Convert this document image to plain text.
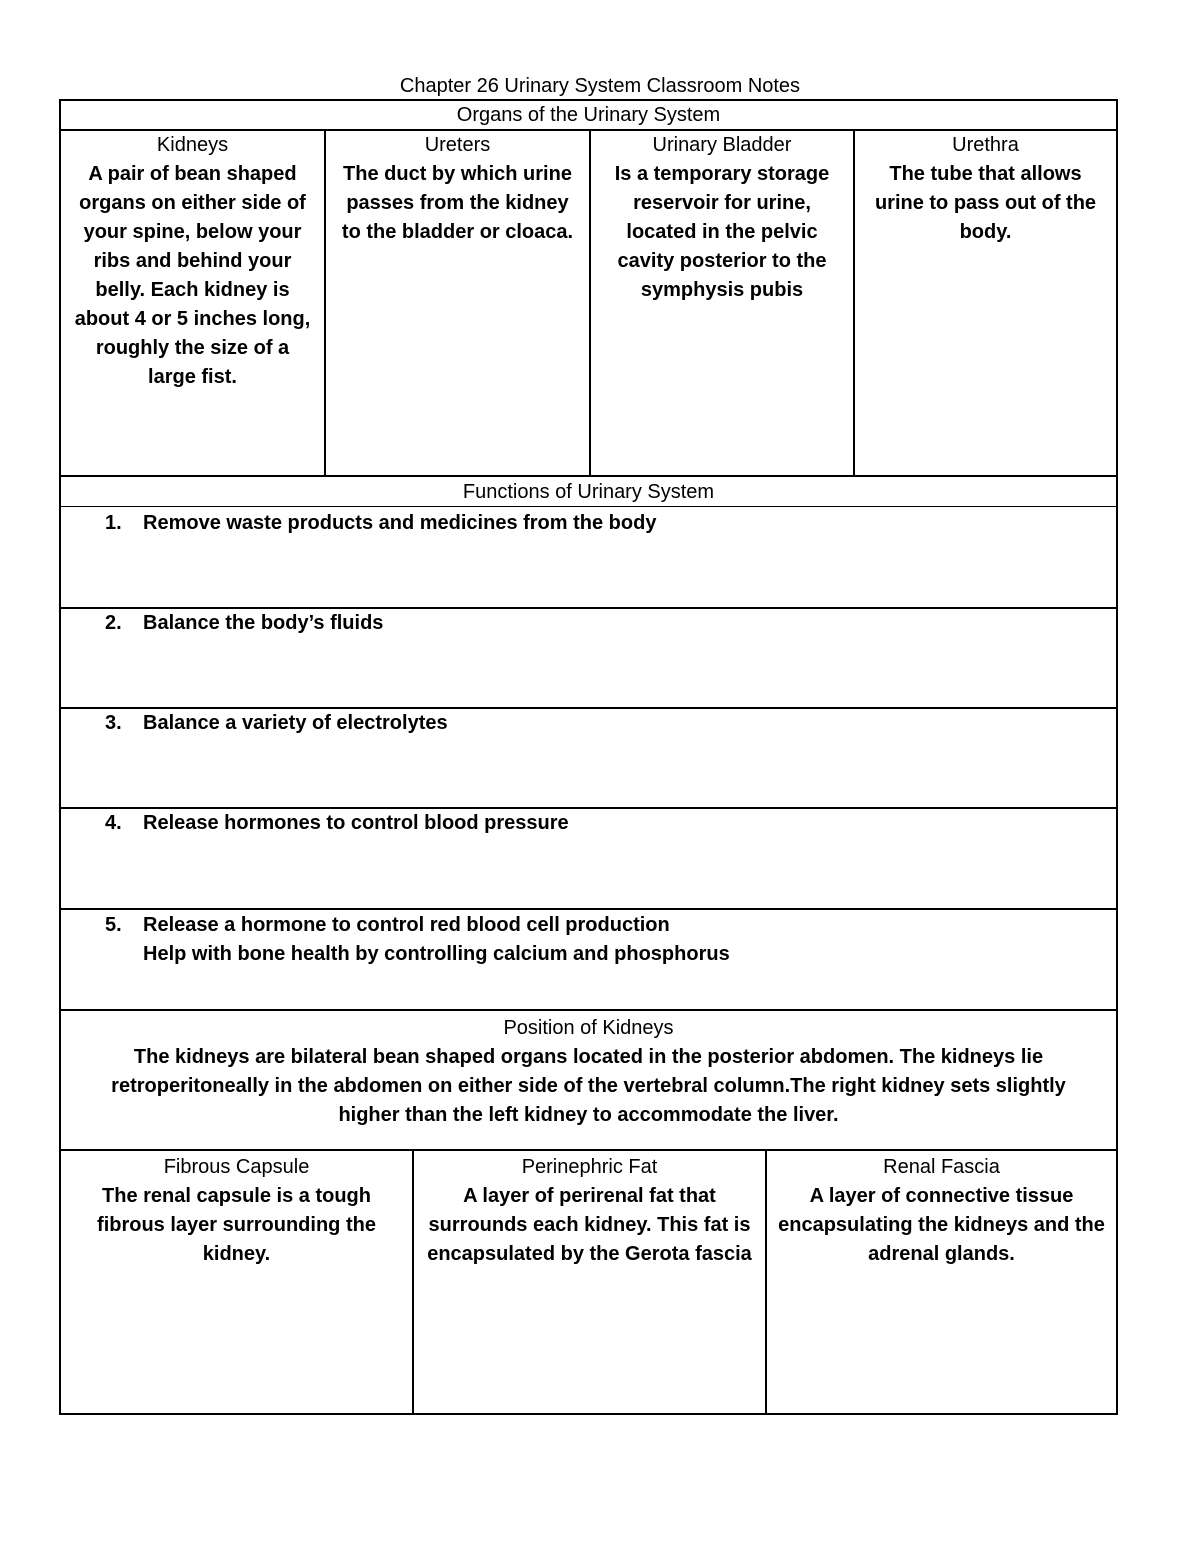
Chapter 26 Urinary System Classroom Notes
Organs of the Urinary System
Kidneys
A pair of bean shaped organs on either side of your spine, below your ribs and behind your belly. Each kidney is about 4 or 5 inches long, roughly the size of a large fist.
Ureters
The duct by which urine passes from the kidney to the bladder or cloaca.
Urinary Bladder
Is a temporary storage reservoir for urine, located in the pelvic cavity posterior to the symphysis pubis
Urethra
The tube that allows urine to pass out of the body.
Functions of Urinary System
1. Remove waste products and medicines from the body
2. Balance the body’s fluids
3. Balance a variety of electrolytes
4. Release hormones to control blood pressure
5. Release a hormone to control red blood cell production
Help with bone health by controlling calcium and phosphorus
Position of Kidneys
The kidneys are bilateral bean shaped organs located in the posterior abdomen. The kidneys lie retroperitoneally in the abdomen on either side of the vertebral column.The right kidney sets slightly higher than the left kidney to accommodate the liver.
Fibrous Capsule
The renal capsule is a tough fibrous layer surrounding the kidney.
Perinephric Fat
A layer of perirenal fat that surrounds each kidney. This fat is encapsulated by the Gerota fascia
Renal Fascia
A layer of connective tissue encapsulating the kidneys and the adrenal glands.
